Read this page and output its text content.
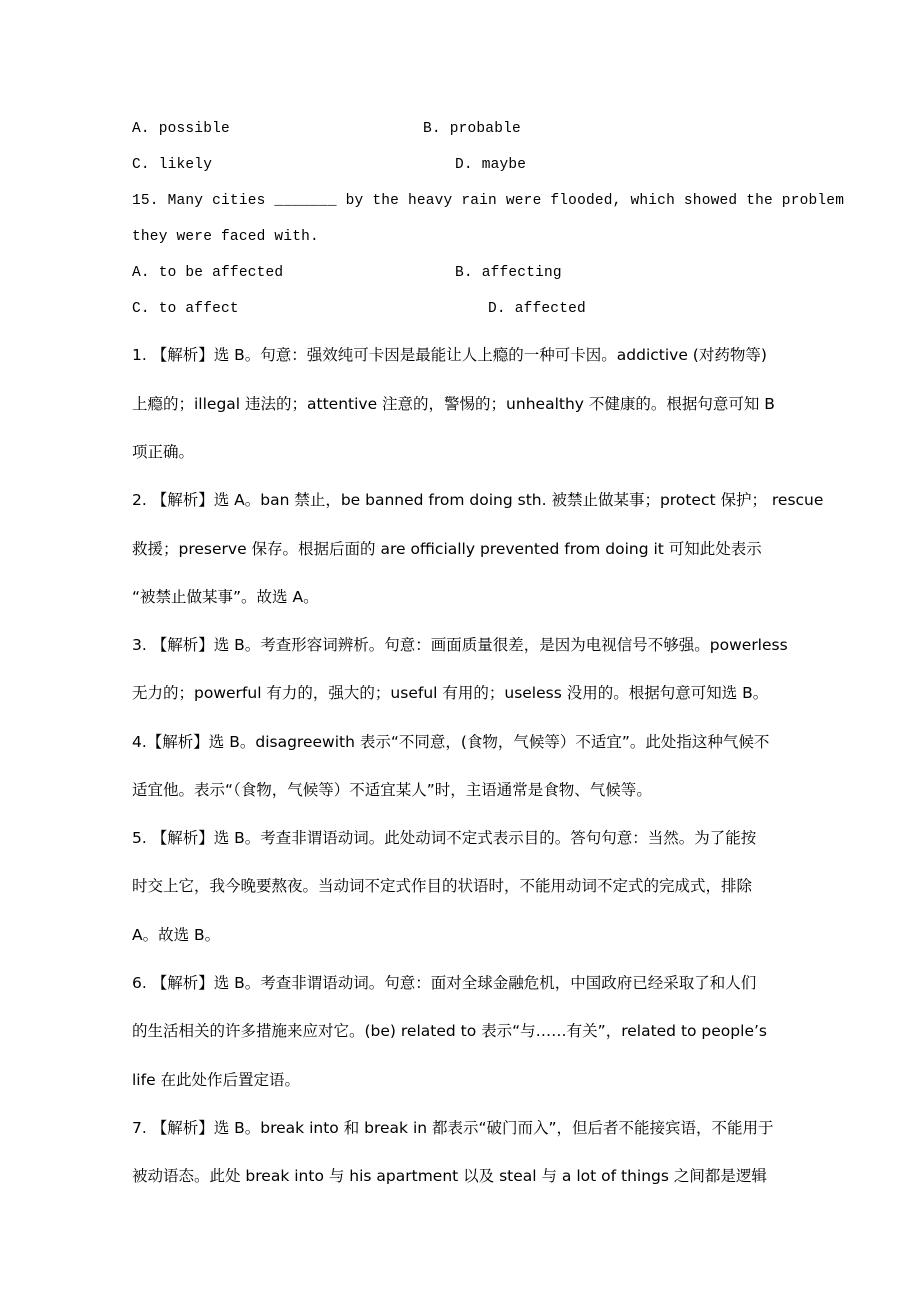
A. possible	B. probable
C. likely	D. maybe
15. Many cities _______ by the heavy rain were flooded, which showed the problem
they were faced with.
A. to be affected	B. affecting
C. to affect	D. affected
1. 【解析】选 B。句意：强效纯可卡因是最能让人上瘾的一种可卡因。addictive (对药物等)
上瘾的；illegal 违法的；attentive 注意的，警惕的；unhealthy 不健康的。根据句意可知 B
项正确。
2. 【解析】选 A。ban 禁止，be banned from doing sth. 被禁止做某事；protect 保护； rescue
救援；preserve 保存。根据后面的 are officially prevented from doing it 可知此处表示
“被禁止做某事”。故选 A。
3. 【解析】选 B。考查形容词辨析。句意：画面质量很差，是因为电视信号不够强。powerless
无力的；powerful 有力的，强大的；useful 有用的；useless 没用的。根据句意可知选 B。
4.【解析】选 B。disagreewith 表示“不同意，(食物，气候等）不适宜”。此处指这种气候不
适宜他。表示“（食物，气候等）不适宜某人”时，主语通常是食物、气候等。
5. 【解析】选 B。考查非谓语动词。此处动词不定式表示目的。答句句意：当然。为了能按
时交上它，我今晚要熬夜。当动词不定式作目的状语时，不能用动词不定式的完成式，排除
A。故选 B。
6. 【解析】选 B。考查非谓语动词。句意：面对全球金融危机，中国政府已经采取了和人们
的生活相关的许多措施来应对它。(be) related to 表示“与……有关”，related to people’s
life 在此处作后置定语。
7. 【解析】选 B。break into 和 break in 都表示“破门而入”，但后者不能接宾语，不能用于
被动语态。此处 break into 与 his apartment 以及 steal 与 a lot of things 之间都是逻辑
